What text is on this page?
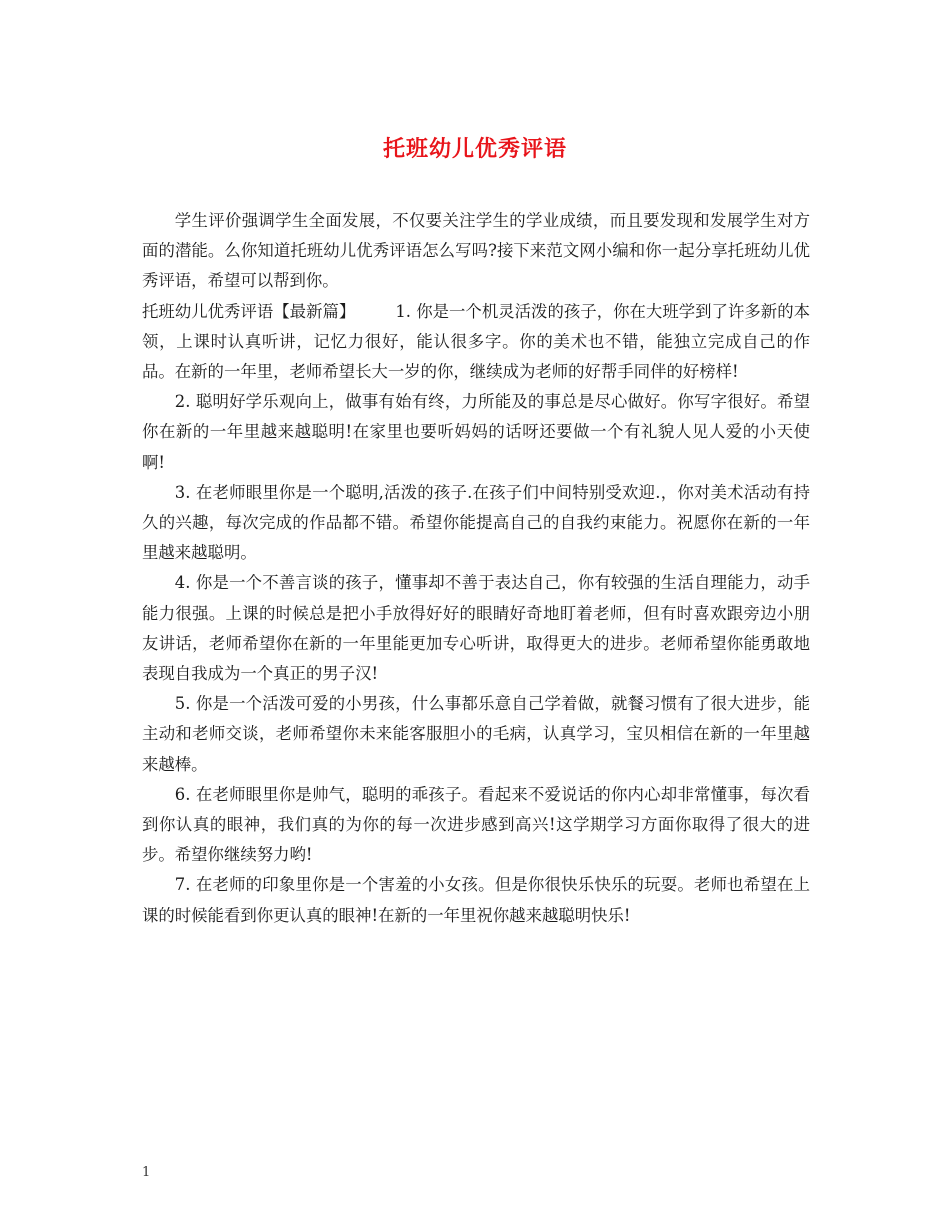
托班幼儿优秀评语

学生评价强调学生全面发展，不仅要关注学生的学业成绩，而且要发现和发展学生对方面的潜能。么你知道托班幼儿优秀评语怎么写吗?接下来范文网小编和你一起分享托班幼儿优秀评语，希望可以帮到你。

托班幼儿优秀评语【最新篇】 1. 你是一个机灵活泼的孩子，你在大班学到了许多新的本领，上课时认真听讲，记忆力很好，能认很多字。你的美术也不错，能独立完成自己的作品。在新的一年里，老师希望长大一岁的你，继续成为老师的好帮手同伴的好榜样!

2. 聪明好学乐观向上，做事有始有终，力所能及的事总是尽心做好。你写字很好。希望你在新的一年里越来越聪明!在家里也要听妈妈的话呀还要做一个有礼貌人见人爱的小天使啊!

3. 在老师眼里你是一个聪明,活泼的孩子.在孩子们中间特别受欢迎.，你对美术活动有持久的兴趣，每次完成的作品都不错。希望你能提高自己的自我约束能力。祝愿你在新的一年里越来越聪明。

4. 你是一个不善言谈的孩子，懂事却不善于表达自己，你有较强的生活自理能力，动手能力很强。上课的时候总是把小手放得好好的眼睛好奇地盯着老师，但有时喜欢跟旁边小朋友讲话，老师希望你在新的一年里能更加专心听讲，取得更大的进步。老师希望你能勇敢地表现自我成为一个真正的男子汉!

5. 你是一个活泼可爱的小男孩，什么事都乐意自己学着做，就餐习惯有了很大进步，能主动和老师交谈，老师希望你未来能客服胆小的毛病，认真学习，宝贝相信在新的一年里越来越棒。

6. 在老师眼里你是帅气，聪明的乖孩子。看起来不爱说话的你内心却非常懂事，每次看到你认真的眼神，我们真的为你的每一次进步感到高兴!这学期学习方面你取得了很大的进步。希望你继续努力哟!

7. 在老师的印象里你是一个害羞的小女孩。但是你很快乐快乐的玩耍。老师也希望在上课的时候能看到你更认真的眼神!在新的一年里祝你越来越聪明快乐!

1
